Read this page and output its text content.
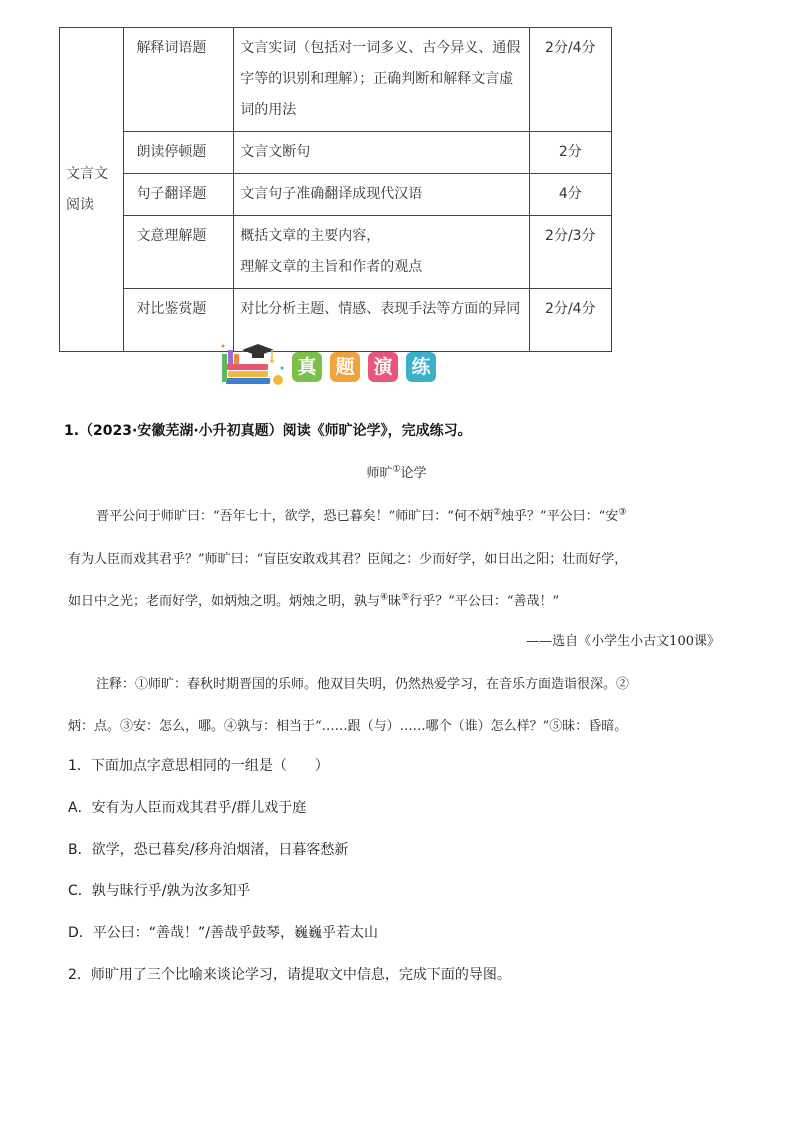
文言文阅读	解释词语题	文言实词（包括对一词多义、古今异义、通假字等的识别和理解）；正确判断和解释文言虚词的用法	2分/4分
	朗读停顿题	文言文断句	2分
	句子翻译题	文言句子准确翻译成现代汉语	4分
	文意理解题	概括文章的主要内容，
理解文章的主旨和作者的观点	2分/3分
	对比鉴赏题	对比分析主题、情感、表现手法等方面的异同	2分/4分
真 题 演 练
1.（2023·安徽芜湖·小升初真题）阅读《师旷论学》，完成练习。
师旷①论学
晋平公问于师旷曰：“吾年七十，欲学，恐已暮矣！”师旷曰：“何不炳②烛乎？”平公曰：“安③
有为人臣而戏其君乎？”师旷曰：“盲臣安敢戏其君？臣闻之：少而好学，如日出之阳；壮而好学，
如日中之光；老而好学，如炳烛之明。炳烛之明，孰与④昧⑤行乎？”平公曰：“善哉！”
——选自《小学生小古文100课》
注释：①师旷：春秋时期晋国的乐师。他双目失明，仍然热爱学习，在音乐方面造诣很深。②
炳：点。③安：怎么，哪。④孰与：相当于“……跟（与）……哪个（谁）怎么样？”⑤昧：昏暗。
1．下面加点字意思相同的一组是（　　）
A．安有为人臣而戏其君乎/群儿戏于庭
B．欲学，恐已暮矣/移舟泊烟渚，日暮客愁新
C．孰与昧行乎/孰为汝多知乎
D．平公曰：“善哉！”/善哉乎鼓琴，巍巍乎若太山
2．师旷用了三个比喻来谈论学习，请提取文中信息，完成下面的导图。
